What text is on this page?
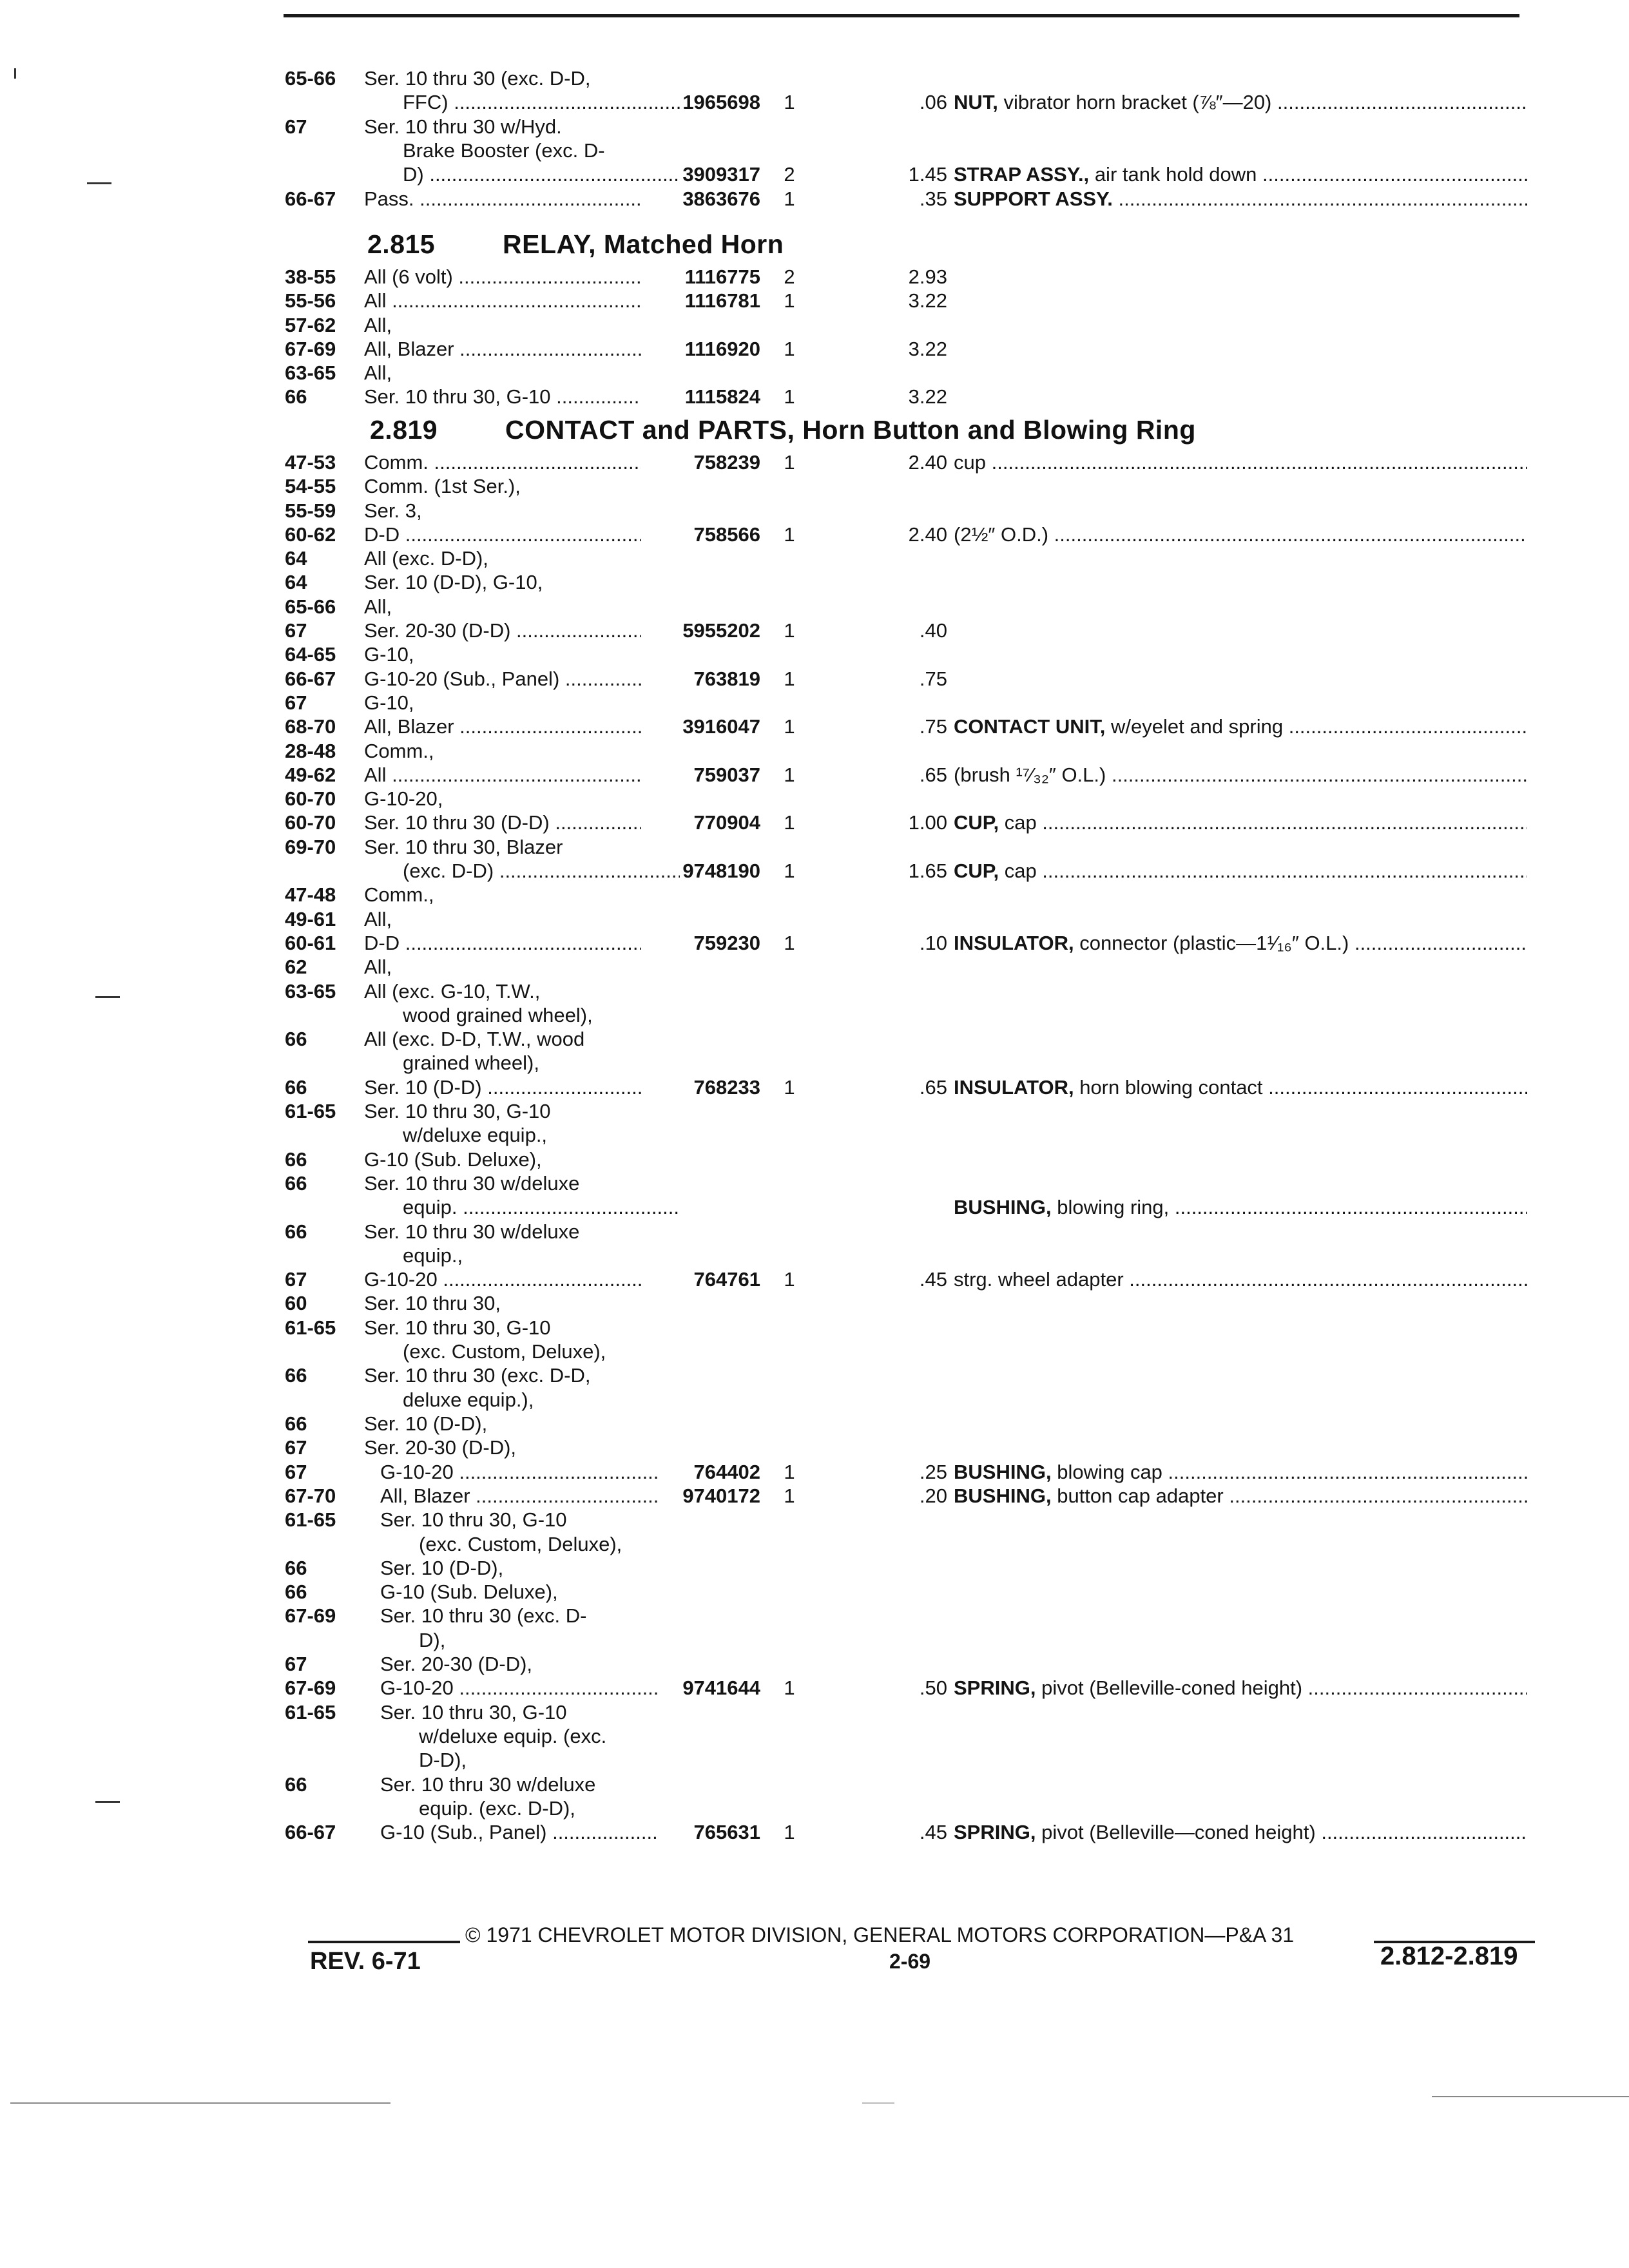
65-66 Ser. 10 thru 30 (exc. D-D,
FFC) .....	1965698	1	.06 NUT, vibrator horn bracket (⅞″—20) .....
67	Ser. 10 thru 30 w/Hyd.
Brake Booster (exc. D-
D) .....	3909317	2	1.45 STRAP ASSY., air tank hold down .....
66-67 Pass. .....	3863676	1	.35 SUPPORT ASSY. .....
2.815	RELAY, Matched Horn
38-55 All (6 volt) .....	1116775	2	2.93
55-56 All .....	1116781	1	3.22
57-62 All,
67-69 All, Blazer .....	1116920	1	3.22
63-65 All,
66	Ser. 10 thru 30, G-10 .....	1115824	1	3.22
2.819	CONTACT and PARTS, Horn Button and Blowing Ring
47-53 Comm. .....	758239	1	2.40 cup .....
54-55 Comm. (1st Ser.),
55-59 Ser. 3,
60-62 D-D .....	758566	1	2.40 (2½″ O.D.) .....
64	All (exc. D-D),
64	Ser. 10 (D-D), G-10,
65-66 All,
67	Ser. 20-30 (D-D) .....	5955202	1	.40
64-65 G-10,
66-67 G-10-20 (Sub., Panel) .....	763819	1	.75
67	G-10,
68-70 All, Blazer .....	3916047	1	.75 CONTACT UNIT, w/eyelet and spring .....
28-48 Comm.,
49-62 All .....	759037	1	.65 (brush ¹⁷⁄₃₂″ O.L.) .....
60-70 G-10-20,
60-70 Ser. 10 thru 30 (D-D) .....	770904	1	1.00 CUP, cap .....
69-70 Ser. 10 thru 30, Blazer
(exc. D-D) .....	9748190	1	1.65 CUP, cap .....
47-48 Comm.,
49-61 All,
60-61 D-D .....	759230	1	.10 INSULATOR, connector (plastic—1¹⁄₁₆″ O.L.) .....
62	All,
63-65 All (exc. G-10, T.W.,
wood grained wheel),
66	All (exc. D-D, T.W., wood
grained wheel),
66	Ser. 10 (D-D) .....	768233	1	.65 INSULATOR, horn blowing contact .....
61-65 Ser. 10 thru 30, G-10
w/deluxe equip.,
66	G-10 (Sub. Deluxe),
66	Ser. 10 thru 30 w/deluxe
equip. .....	BUSHING, blowing ring, .....
66	Ser. 10 thru 30 w/deluxe
equip.,
67	G-10-20 .....	764761	1	.45 strg. wheel adapter .....
60	Ser. 10 thru 30,
61-65 Ser. 10 thru 30, G-10
(exc. Custom, Deluxe),
66	Ser. 10 thru 30 (exc. D-D,
deluxe equip.),
66	Ser. 10 (D-D),
67	Ser. 20-30 (D-D),
67	G-10-20 .....	764402	1	.25 BUSHING, blowing cap .....
67-70 All, Blazer .....	9740172	1	.20 BUSHING, button cap adapter .....
61-65 Ser. 10 thru 30, G-10
(exc. Custom, Deluxe),
66	Ser. 10 (D-D),
66	G-10 (Sub. Deluxe),
67-69 Ser. 10 thru 30 (exc. D-
D),
67	Ser. 20-30 (D-D),
67-69 G-10-20 .....	9741644	1	.50 SPRING, pivot (Belleville-coned height) .....
61-65 Ser. 10 thru 30, G-10
w/deluxe equip. (exc.
D-D),
66	Ser. 10 thru 30 w/deluxe
equip. (exc. D-D),
66-67 G-10 (Sub., Panel) .....	765631	1	.45 SPRING, pivot (Belleville—coned height) .....
© 1971 CHEVROLET MOTOR DIVISION, GENERAL MOTORS CORPORATION—P&A 31
REV. 6-71	2-69	2.812-2.819
